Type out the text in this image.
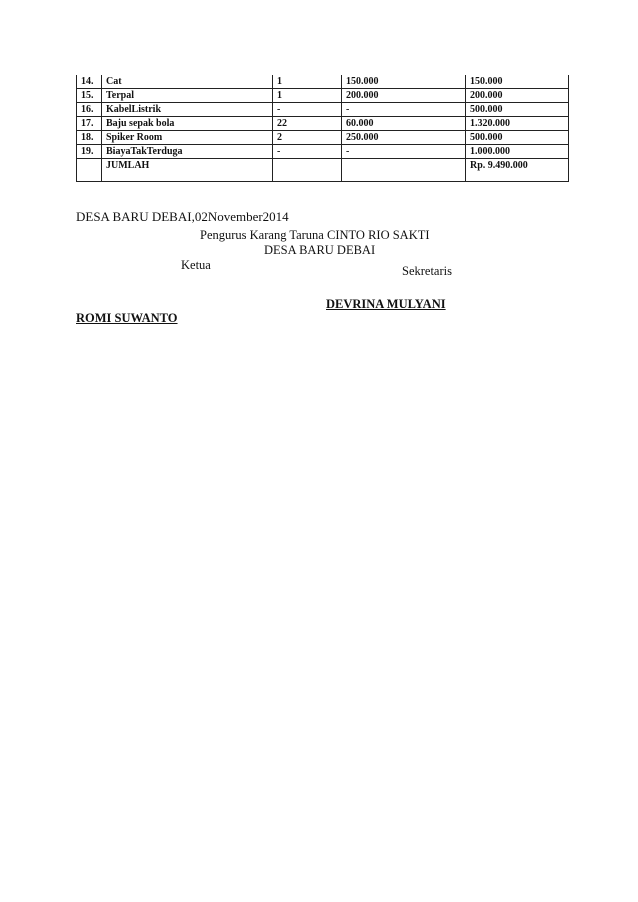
14.	Cat	1	150.000	150.000
15.	Terpal	1	200.000	200.000
16.	KabelListrik	-	-	500.000
17.	Baju sepak bola	22	60.000	1.320.000
18.	Spiker Room	2	250.000	500.000
19.	BiayaTakTerduga	-	-	1.000.000
	JUMLAH			Rp. 9.490.000
DESA BARU DEBAI,02November2014
Pengurus Karang Taruna CINTO RIO SAKTI
DESA BARU DEBAI
Ketua	Sekretaris
DEVRINA MULYANI
ROMI SUWANTO
